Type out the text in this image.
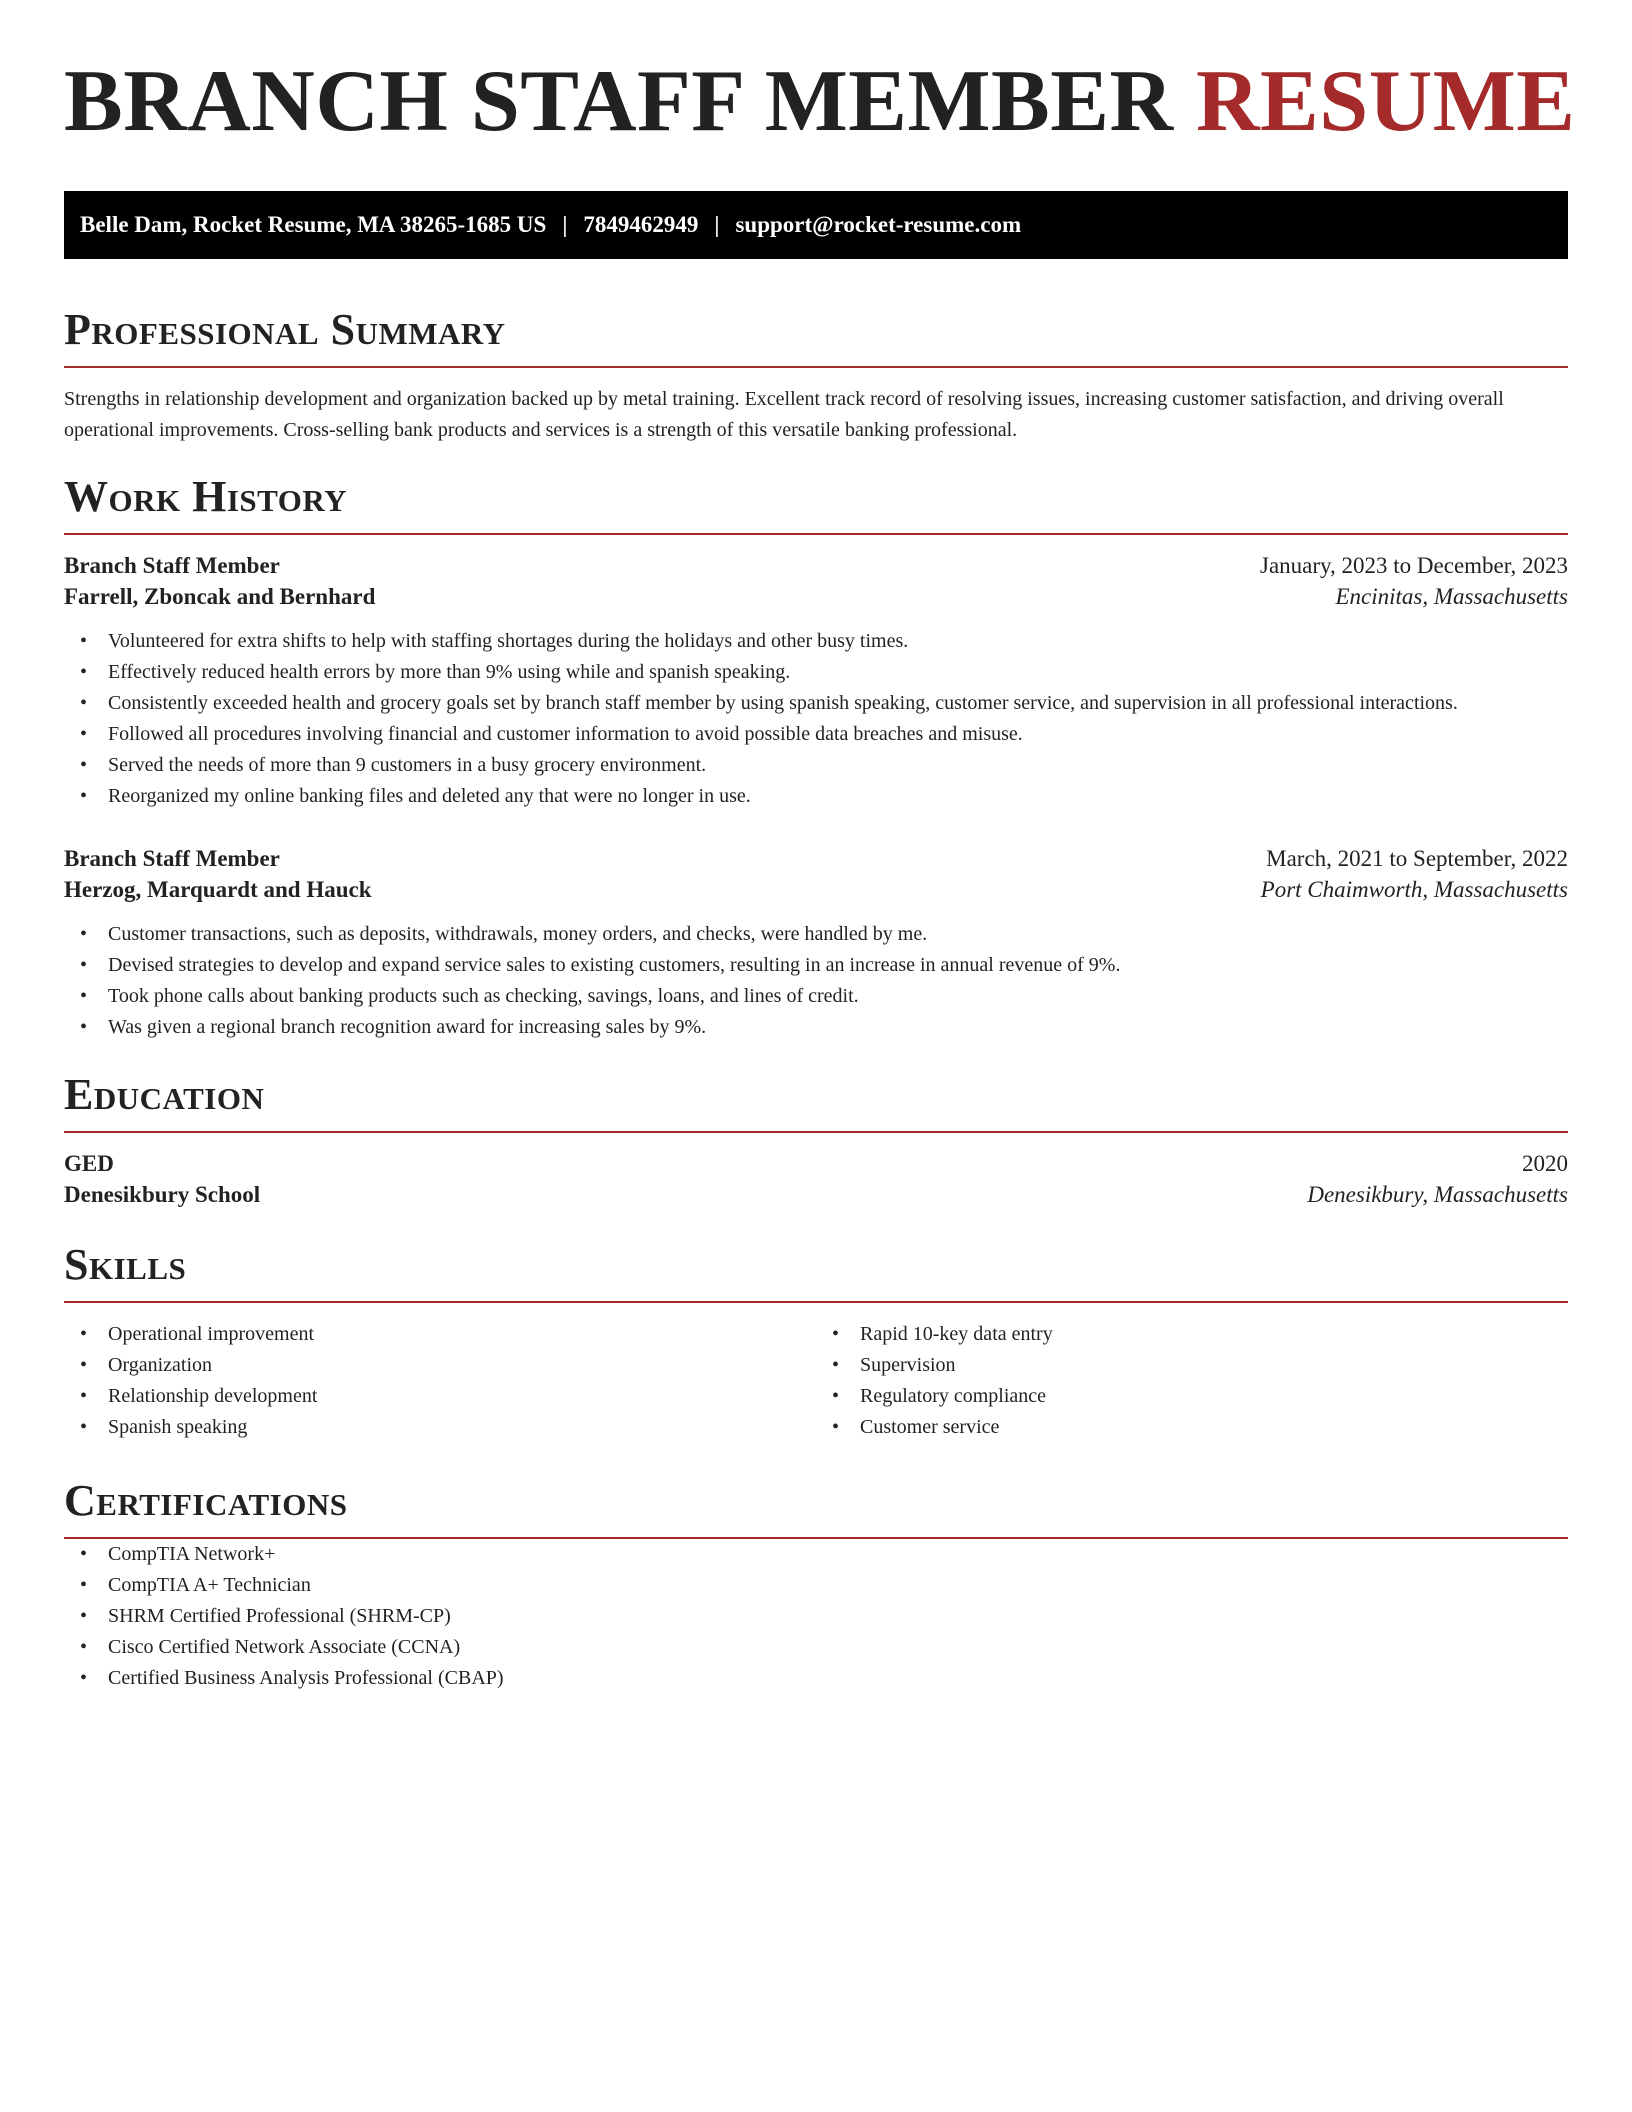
BRANCH STAFF MEMBER RESUME
Belle Dam, Rocket Resume, MA 38265-1685 US | 7849462949 | support@rocket-resume.com
Professional Summary

Strengths in relationship development and organization backed up by metal training. Excellent track record of resolving issues, increasing customer satisfaction, and driving overall operational improvements. Cross-selling bank products and services is a strength of this versatile banking professional.

Work History
Branch Staff Member	January, 2023 to December, 2023
Farrell, Zboncak and Bernhard	Encinitas, Massachusetts
• Volunteered for extra shifts to help with staffing shortages during the holidays and other busy times.
• Effectively reduced health errors by more than 9% using while and spanish speaking.
• Consistently exceeded health and grocery goals set by branch staff member by using spanish speaking, customer service, and supervision in all professional interactions.
• Followed all procedures involving financial and customer information to avoid possible data breaches and misuse.
• Served the needs of more than 9 customers in a busy grocery environment.
• Reorganized my online banking files and deleted any that were no longer in use.
Branch Staff Member	March, 2021 to September, 2022
Herzog, Marquardt and Hauck	Port Chaimworth, Massachusetts
• Customer transactions, such as deposits, withdrawals, money orders, and checks, were handled by me.
• Devised strategies to develop and expand service sales to existing customers, resulting in an increase in annual revenue of 9%.
• Took phone calls about banking products such as checking, savings, loans, and lines of credit.
• Was given a regional branch recognition award for increasing sales by 9%.
Education
GED	2020
Denesikbury School	Denesikbury, Massachusetts
Skills
• Operational improvement
• Organization
• Relationship development
• Spanish speaking
• Rapid 10-key data entry
• Supervision
• Regulatory compliance
• Customer service
Certifications
• CompTIA Network+
• CompTIA A+ Technician
• SHRM Certified Professional (SHRM-CP)
• Cisco Certified Network Associate (CCNA)
• Certified Business Analysis Professional (CBAP)
